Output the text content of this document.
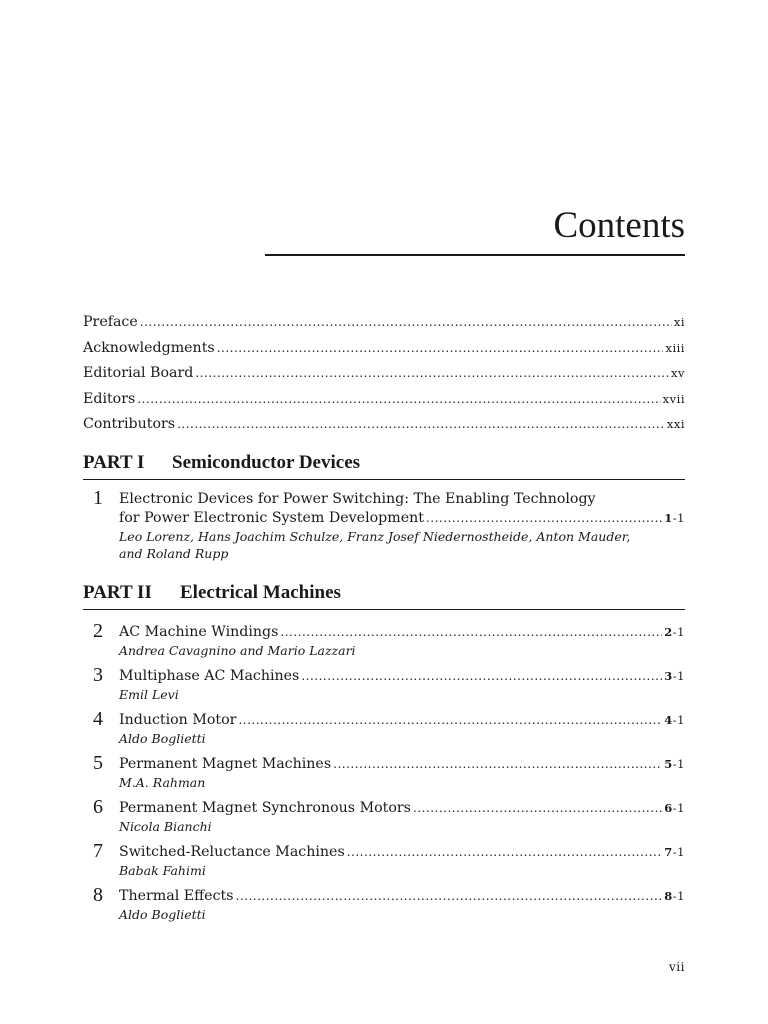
Contents
Preface .....	xi
Acknowledgments .....	xiii
Editorial Board .....	xv
Editors .....	xvii
Contributors .....	xxi
PART I Semiconductor Devices
1 Electronic Devices for Power Switching: The Enabling Technology
for Power Electronic System Development .....	1-1
Leo Lorenz, Hans Joachim Schulze, Franz Josef Niedernostheide, Anton Mauder,
and Roland Rupp
PART II Electrical Machines
2 AC Machine Windings .....	2-1
Andrea Cavagnino and Mario Lazzari
3 Multiphase AC Machines .....	3-1
Emil Levi
4 Induction Motor .....	4-1
Aldo Boglietti
5 Permanent Magnet Machines .....	5-1
M.A. Rahman
6 Permanent Magnet Synchronous Motors .....	6-1
Nicola Bianchi
7 Switched-Reluctance Machines .....	7-1
Babak Fahimi
8 Thermal Effects .....	8-1
Aldo Boglietti
vii
